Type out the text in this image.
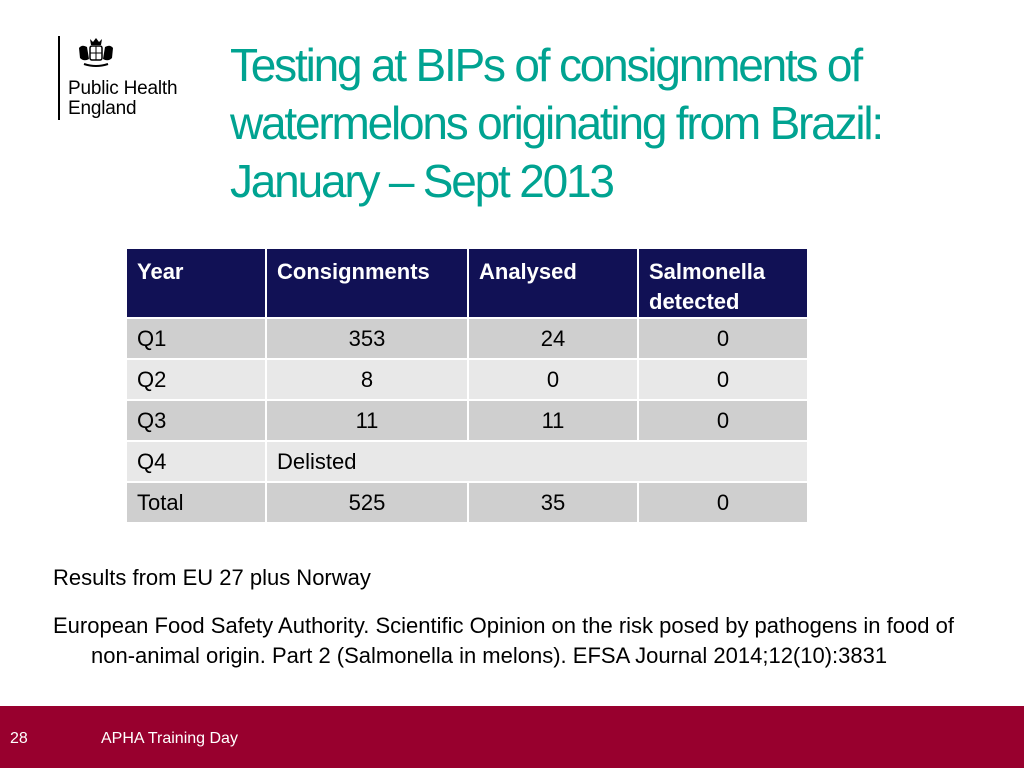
Public Health
England
Testing at BIPs of consignments of watermelons originating from Brazil: January – Sept 2013
Year	Consignments	Analysed	Salmonella detected
Q1	353	24	0
Q2	8	0	0
Q3	11	11	0
Q4	Delisted		
Total	525	35	0
Results from EU 27 plus Norway
European Food Safety Authority. Scientific Opinion on the risk posed by pathogens in food of non-animal origin. Part 2 (Salmonella in melons). EFSA Journal 2014;12(10):3831
28	APHA Training Day
